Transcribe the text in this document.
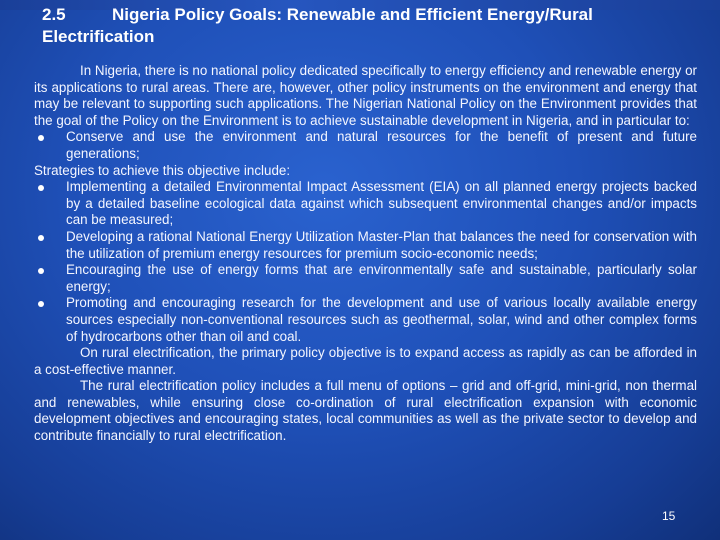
2.5	Nigeria Policy Goals: Renewable and Efficient Energy/Rural Electrification

In Nigeria, there is no national policy dedicated specifically to energy efficiency and renewable energy or its applications to rural areas. There are, however, other policy instruments on the environment and energy that may be relevant to supporting such applications. The Nigerian National Policy on the Environment provides that the goal of the Policy on the Environment is to achieve sustainable development in Nigeria, and in particular to:

Conserve and use the environment and natural resources for the benefit of present and future generations;

Strategies to achieve this objective include:

Implementing a detailed Environmental Impact Assessment (EIA) on all planned energy projects backed by a detailed baseline ecological data against which subsequent environmental changes and/or impacts can be measured;
Developing a rational National Energy Utilization Master-Plan that balances the need for conservation with the utilization of premium energy resources for premium socio-economic needs;
Encouraging the use of energy forms that are environmentally safe and sustainable, particularly solar energy;
Promoting and encouraging research for the development and use of various locally available energy sources especially non-conventional resources such as geothermal, solar, wind and other complex forms of hydrocarbons other than oil and coal.

On rural electrification, the primary policy objective is to expand access as rapidly as can be afforded in a cost-effective manner.

The rural electrification policy includes a full menu of options – grid and off-grid, mini-grid, non thermal and renewables, while ensuring close co-ordination of rural electrification expansion with economic development objectives and encouraging states, local communities as well as the private sector to develop and contribute financially to rural electrification.

15
